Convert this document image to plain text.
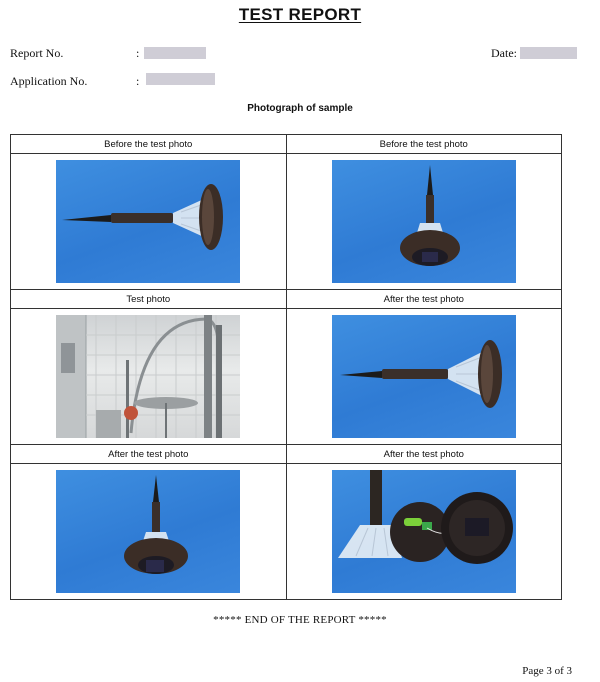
TEST REPORT
Report No.	:
Application No.	:
Date:
Photograph of sample
Before the test photo	Before the test photo

Test photo	After the test photo

After the test photo	After the test photo

***** END OF THE REPORT *****
Page 3 of 3
